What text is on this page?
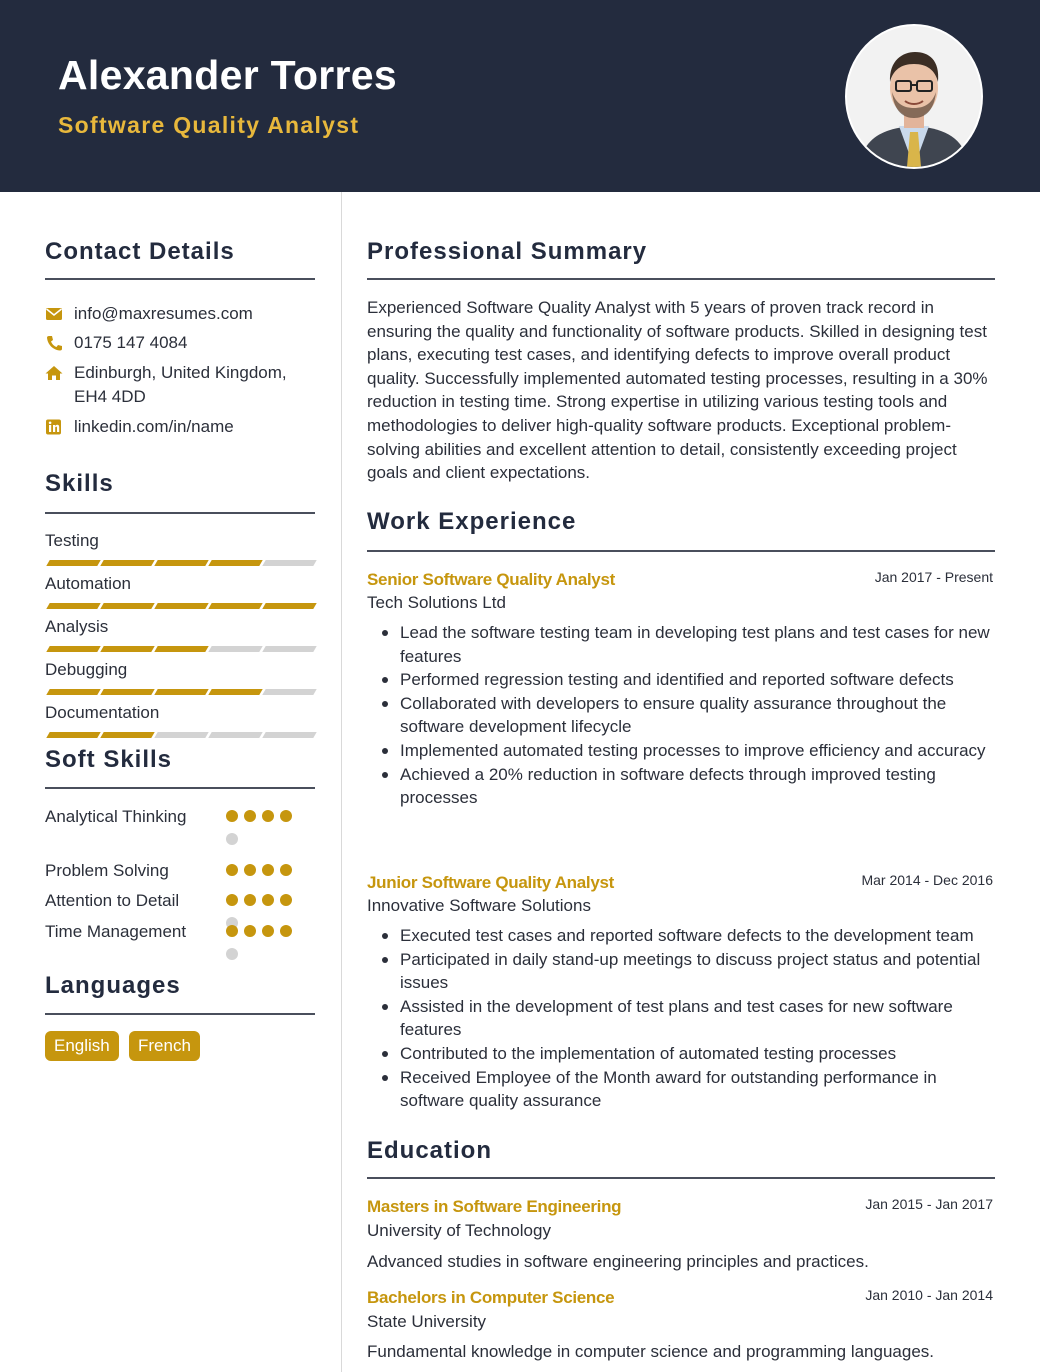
Alexander Torres
Software Quality Analyst
Contact Details
info@maxresumes.com
0175 147 4084
Edinburgh, United Kingdom, EH4 4DD
linkedin.com/in/name
Skills
Testing
Automation
Analysis
Debugging
Documentation
Soft Skills
Analytical Thinking
Problem Solving
Attention to Detail
Time Management
Languages
English	French
Professional Summary
Experienced Software Quality Analyst with 5 years of proven track record in ensuring the quality and functionality of software products. Skilled in designing test plans, executing test cases, and identifying defects to improve overall product quality. Successfully implemented automated testing processes, resulting in a 30% reduction in testing time. Strong expertise in utilizing various testing tools and methodologies to deliver high-quality software products. Exceptional problem-solving abilities and excellent attention to detail, consistently exceeding project goals and client expectations.
Work Experience
Senior Software Quality Analyst	Jan 2017 - Present
Tech Solutions Ltd
Lead the software testing team in developing test plans and test cases for new features
Performed regression testing and identified and reported software defects
Collaborated with developers to ensure quality assurance throughout the software development lifecycle
Implemented automated testing processes to improve efficiency and accuracy
Achieved a 20% reduction in software defects through improved testing processes
Junior Software Quality Analyst	Mar 2014 - Dec 2016
Innovative Software Solutions
Executed test cases and reported software defects to the development team
Participated in daily stand-up meetings to discuss project status and potential issues
Assisted in the development of test plans and test cases for new software features
Contributed to the implementation of automated testing processes
Received Employee of the Month award for outstanding performance in software quality assurance
Education
Masters in Software Engineering	Jan 2015 - Jan 2017
University of Technology
Advanced studies in software engineering principles and practices.
Bachelors in Computer Science	Jan 2010 - Jan 2014
State University
Fundamental knowledge in computer science and programming languages.
